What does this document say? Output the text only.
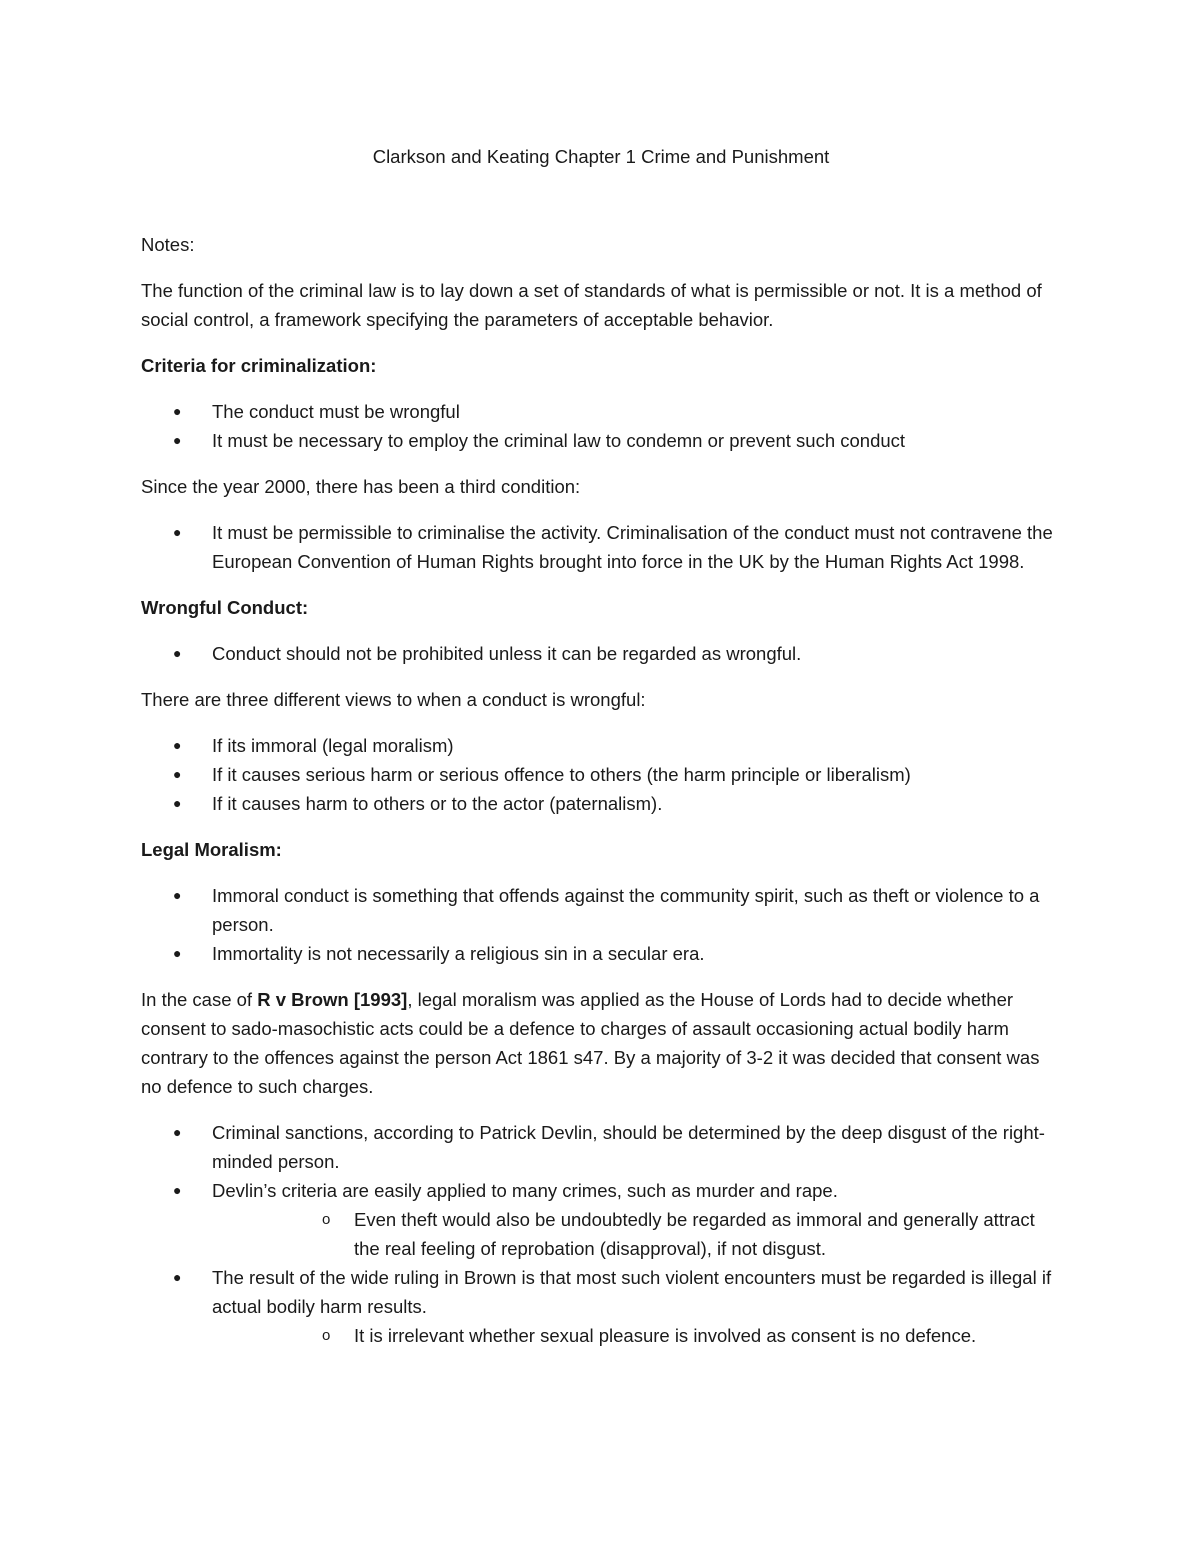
Clarkson and Keating Chapter 1 Crime and Punishment

Notes:

The function of the criminal law is to lay down a set of standards of what is permissible or not. It is a method of social control, a framework specifying the parameters of acceptable behavior.

Criteria for criminalization:

● The conduct must be wrongful
● It must be necessary to employ the criminal law to condemn or prevent such conduct

Since the year 2000, there has been a third condition:

● It must be permissible to criminalise the activity. Criminalisation of the conduct must not contravene the European Convention of Human Rights brought into force in the UK by the Human Rights Act 1998.

Wrongful Conduct:

● Conduct should not be prohibited unless it can be regarded as wrongful.

There are three different views to when a conduct is wrongful:

● If its immoral (legal moralism)
● If it causes serious harm or serious offence to others (the harm principle or liberalism)
● If it causes harm to others or to the actor (paternalism).

Legal Moralism:

● Immoral conduct is something that offends against the community spirit, such as theft or violence to a person.
● Immortality is not necessarily a religious sin in a secular era.

In the case of R v Brown [1993], legal moralism was applied as the House of Lords had to decide whether consent to sado-masochistic acts could be a defence to charges of assault occasioning actual bodily harm contrary to the offences against the person Act 1861 s47. By a majority of 3-2 it was decided that consent was no defence to such charges.

● Criminal sanctions, according to Patrick Devlin, should be determined by the deep disgust of the right-minded person.
● Devlin’s criteria are easily applied to many crimes, such as murder and rape.
o Even theft would also be undoubtedly be regarded as immoral and generally attract the real feeling of reprobation (disapproval), if not disgust.
● The result of the wide ruling in Brown is that most such violent encounters must be regarded is illegal if actual bodily harm results.
o It is irrelevant whether sexual pleasure is involved as consent is no defence.
